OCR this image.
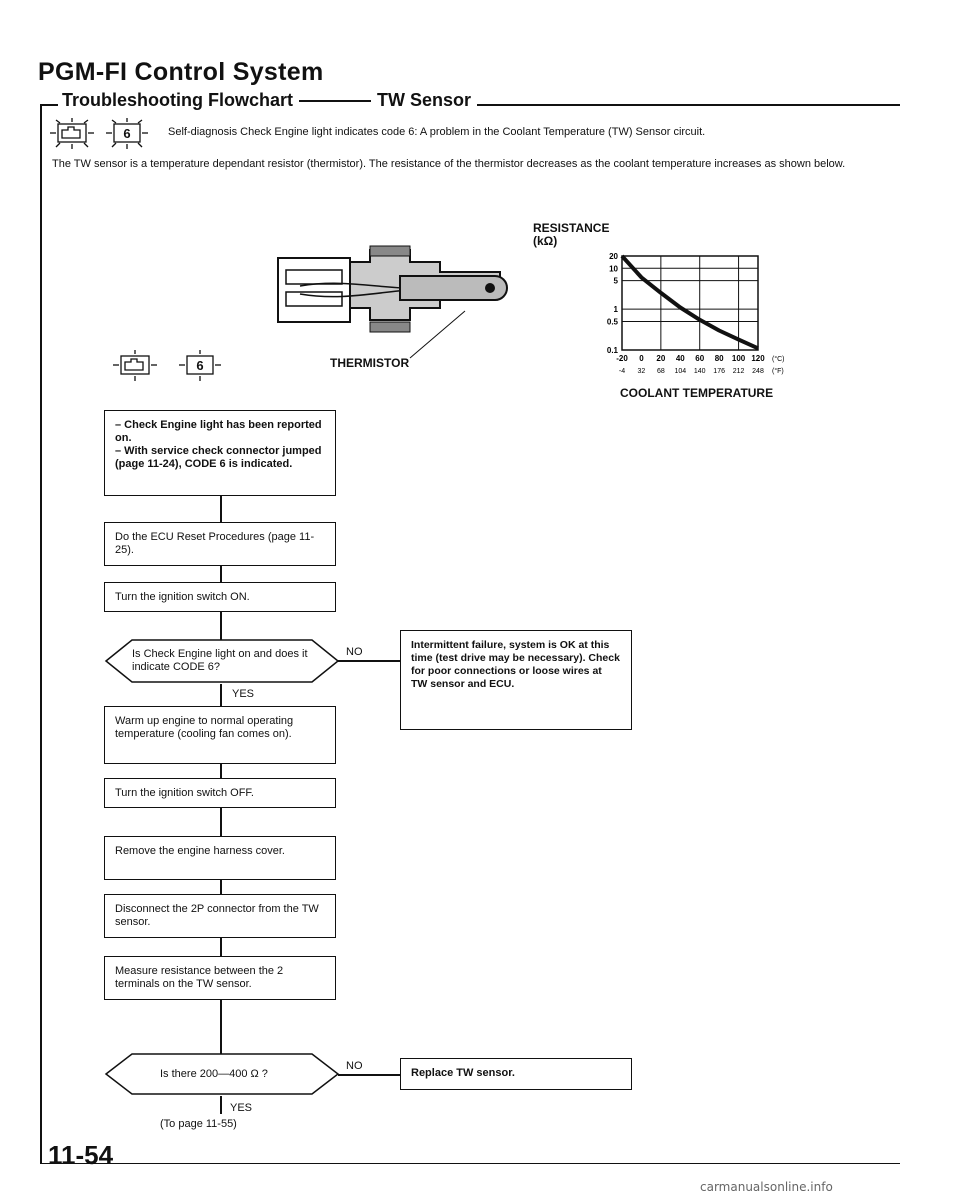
PGM-FI Control System
Troubleshooting Flowchart	TW Sensor
6	Self-diagnosis Check Engine light indicates code 6: A problem in the Coolant Temperature (TW) Sensor circuit.
The TW sensor is a temperature dependant resistor (thermistor). The resistance of the thermistor decreases as the coolant temperature increases as shown below.
THERMISTOR
RESISTANCE
(kΩ)
20
10
5
1
0.5
0.1
-20 0 20 40 60 80 100 120 (°C)
-4 32 68 104 140 176 212 248 (°F)
COOLANT TEMPERATURE
6
– Check Engine light has been reported on.
– With service check connector jumped (page 11-24), CODE 6 is indicated.
Do the ECU Reset Procedures (page 11-25).
Turn the ignition switch ON.
Is Check Engine light on and does it indicate CODE 6?
NO
Intermittent failure, system is OK at this time (test drive may be necessary). Check for poor connections or loose wires at TW sensor and ECU.
YES
Warm up engine to normal operating temperature (cooling fan comes on).
Turn the ignition switch OFF.
Remove the engine harness cover.
Disconnect the 2P connector from the TW sensor.
Measure resistance between the 2 terminals on the TW sensor.
Is there 200—400 Ω ?
NO
Replace TW sensor.
YES
(To page 11-55)
11-54
carmanualsonline.info
